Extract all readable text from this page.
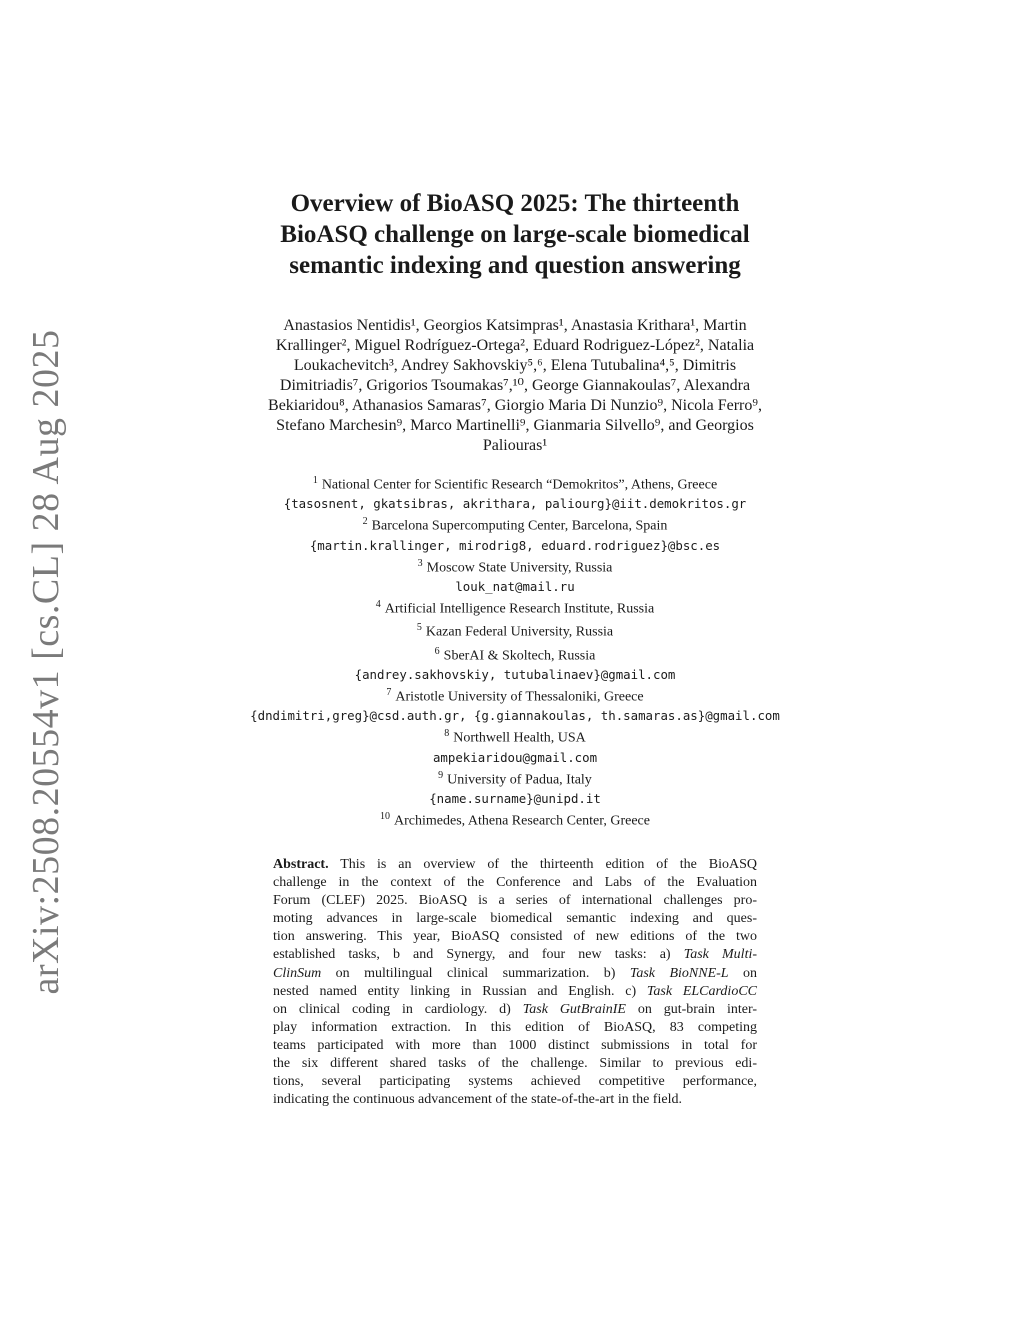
arXiv:2508.20554v1 [cs.CL] 28 Aug 2025
Overview of BioASQ 2025: The thirteenth
BioASQ challenge on large-scale biomedical
semantic indexing and question answering
Anastasios Nentidis¹, Georgios Katsimpras¹, Anastasia Krithara¹, Martin
Krallinger², Miguel Rodríguez-Ortega², Eduard Rodriguez-López², Natalia
Loukachevitch³, Andrey Sakhovskiy⁵,⁶, Elena Tutubalina⁴,⁵, Dimitris
Dimitriadis⁷, Grigorios Tsoumakas⁷,¹⁰, George Giannakoulas⁷, Alexandra
Bekiaridou⁸, Athanasios Samaras⁷, Giorgio Maria Di Nunzio⁹, Nicola Ferro⁹,
Stefano Marchesin⁹, Marco Martinelli⁹, Gianmaria Silvello⁹, and Georgios
Paliouras¹
$^1$ National Center for Scientific Research “Demokritos”, Athens, Greece
{tasosnent, gkatsibras, akrithara, paliourg}@iit.demokritos.gr
$^2$ Barcelona Supercomputing Center, Barcelona, Spain
{martin.krallinger, mirodrig8, eduard.rodriguez}@bsc.es
$^3$ Moscow State University, Russia
louk_nat@mail.ru
$^4$ Artificial Intelligence Research Institute, Russia
$^5$ Kazan Federal University, Russia
$^6$ SberAI & Skoltech, Russia
{andrey.sakhovskiy, tutubalinaev}@gmail.com
$^7$ Aristotle University of Thessaloniki, Greece
{dndimitri,greg}@csd.auth.gr, {g.giannakoulas, th.samaras.as}@gmail.com
$^8$ Northwell Health, USA
ampekiaridou@gmail.com
$^9$ University of Padua, Italy
{name.surname}@unipd.it
$^{10}$ Archimedes, Athena Research Center, Greece
Abstract. This is an overview of the thirteenth edition of the BioASQ
challenge in the context of the Conference and Labs of the Evaluation
Forum (CLEF) 2025. BioASQ is a series of international challenges pro-
moting advances in large-scale biomedical semantic indexing and ques-
tion answering. This year, BioASQ consisted of new editions of the two
established tasks, b and Synergy, and four new tasks: a) Task Multi-
ClinSum on multilingual clinical summarization. b) Task BioNNE-L on
nested named entity linking in Russian and English. c) Task ELCardioCC
on clinical coding in cardiology. d) Task GutBrainIE on gut-brain inter-
play information extraction. In this edition of BioASQ, 83 competing
teams participated with more than 1000 distinct submissions in total for
the six different shared tasks of the challenge. Similar to previous edi-
tions, several participating systems achieved competitive performance,
indicating the continuous advancement of the state-of-the-art in the field.
